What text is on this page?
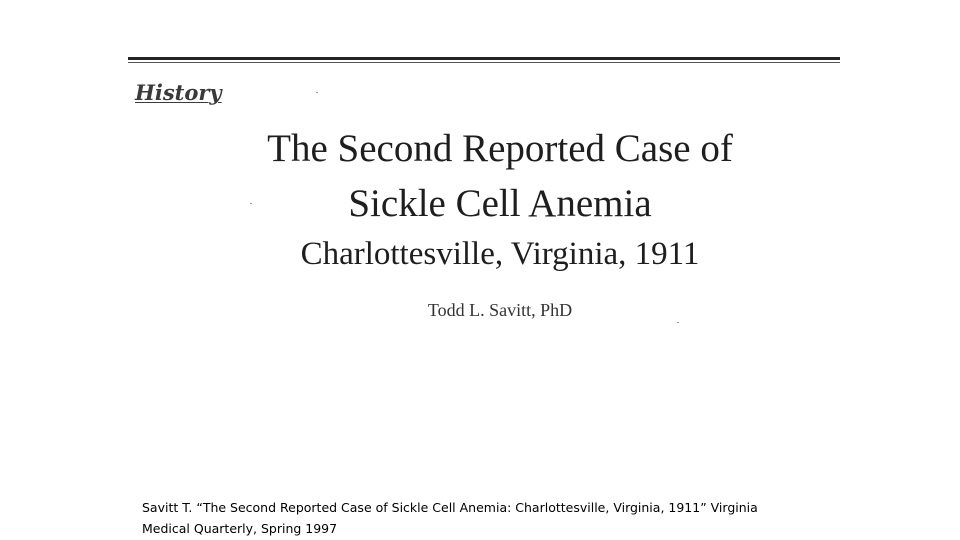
History
The Second Reported Case of
Sickle Cell Anemia
Charlottesville, Virginia, 1911
Todd L. Savitt, PhD
Savitt T. “The Second Reported Case of Sickle Cell Anemia: Charlottesville, Virginia, 1911” Virginia
Medical Quarterly, Spring 1997
